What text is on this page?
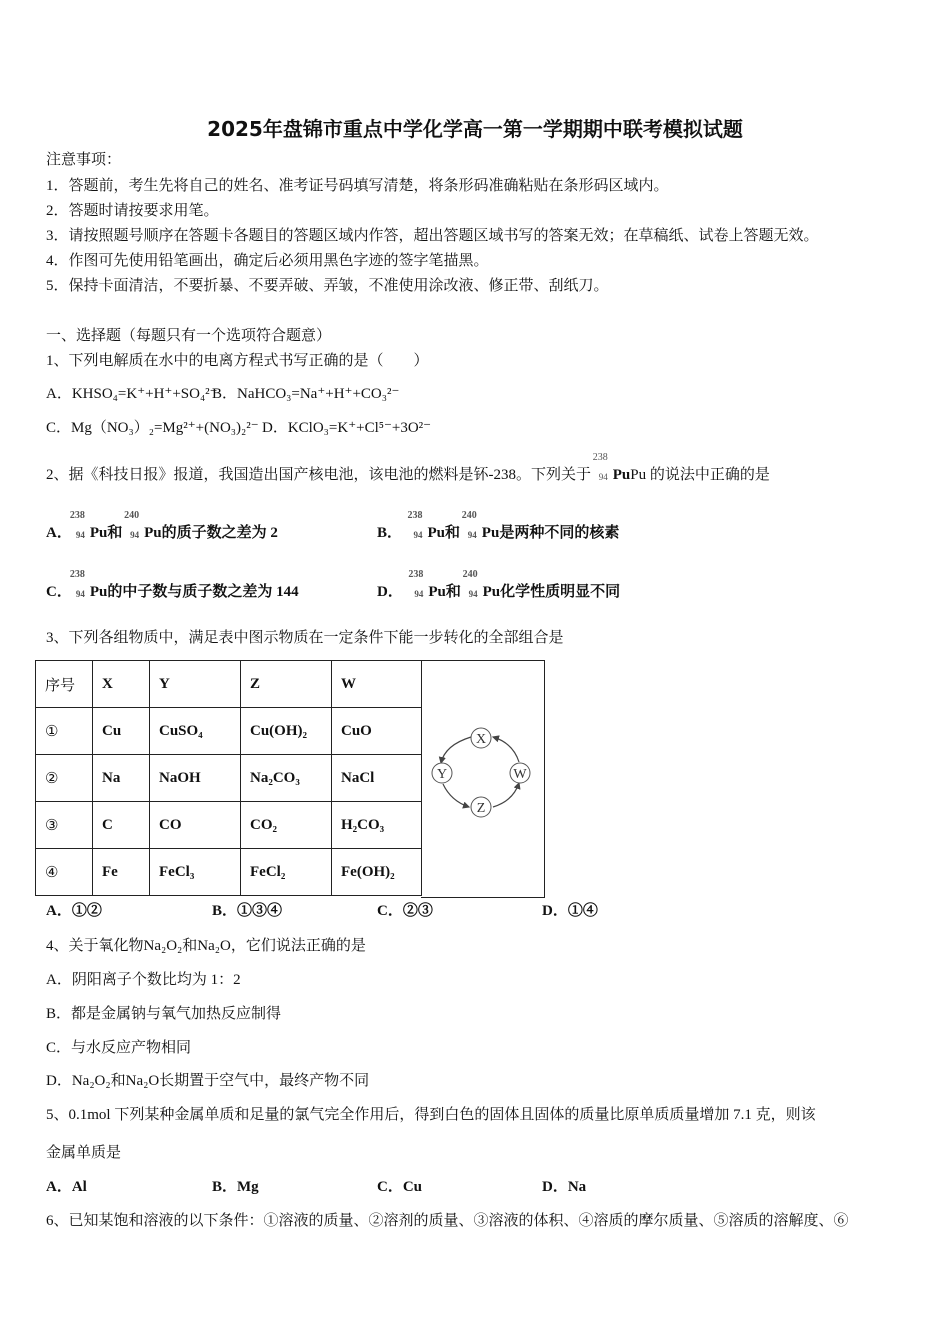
2025年盘锦市重点中学化学高一第一学期期中联考模拟试题
注意事项：
1．答题前，考生先将自己的姓名、准考证号码填写清楚，将条形码准确粘贴在条形码区域内。
2．答题时请按要求用笔。
3．请按照题号顺序在答题卡各题目的答题区域内作答，超出答题区域书写的答案无效；在草稿纸、试卷上答题无效。
4．作图可先使用铅笔画出，确定后必须用黑色字迹的签字笔描黑。
5．保持卡面清洁，不要折暴、不要弄破、弄皱，不准使用涂改液、修正带、刮纸刀。
一、选择题（每题只有一个选项符合题意）
1、下列电解质在水中的电离方程式书写正确的是（　　）
A．KHSO₄=K⁺+H⁺+SO₄²⁻
B．NaHCO₃=Na⁺+H⁺+CO₃²⁻
C．Mg（NO₃）₂=Mg²⁺+(NO₃)₂²⁻ D．KClO₃=K⁺+Cl⁵⁻+3O²⁻
2、据《科技日报》报道，我国造出国产核电池，该电池的燃料是钚-238。下列关于
238
94 PuPu 的说法中正确的是
A．
238
94 Pu和
240
94 Pu的质子数之差为 2	B．
238
94 Pu和
240
94 Pu是两种不同的核素
C．
238
94 Pu的中子数与质子数之差为 144	D．
238
94 Pu和
240
94 Pu化学性质明显不同
3、下列各组物质中，满足表中图示物质在一定条件下能一步转化的全部组合是
序号	X	Y	Z	W
①	Cu	CuSO₄	Cu(OH)₂	CuO
②	Na	NaOH	Na₂CO₃	NaCl
③	C	CO	CO₂	H₂CO₃
④	Fe	FeCl₃	FeCl₂	Fe(OH)₂
X
Y
Z
W
A．①②	B．①③④	C．②③	D．①④
4、关于氧化物Na₂O₂和Na₂O，它们说法正确的是
A．阴阳离子个数比均为 1：2
B．都是金属钠与氧气加热反应制得
C．与水反应产物相同
D．Na₂O₂和Na₂O长期置于空气中，最终产物不同
5、0.1mol 下列某种金属单质和足量的氯气完全作用后，得到白色的固体且固体的质量比原单质质量增加 7.1 克，则该
金属单质是
A．Al	B．Mg	C．Cu	D．Na
6、已知某饱和溶液的以下条件：①溶液的质量、②溶剂的质量、③溶液的体积、④溶质的摩尔质量、⑤溶质的溶解度、⑥
